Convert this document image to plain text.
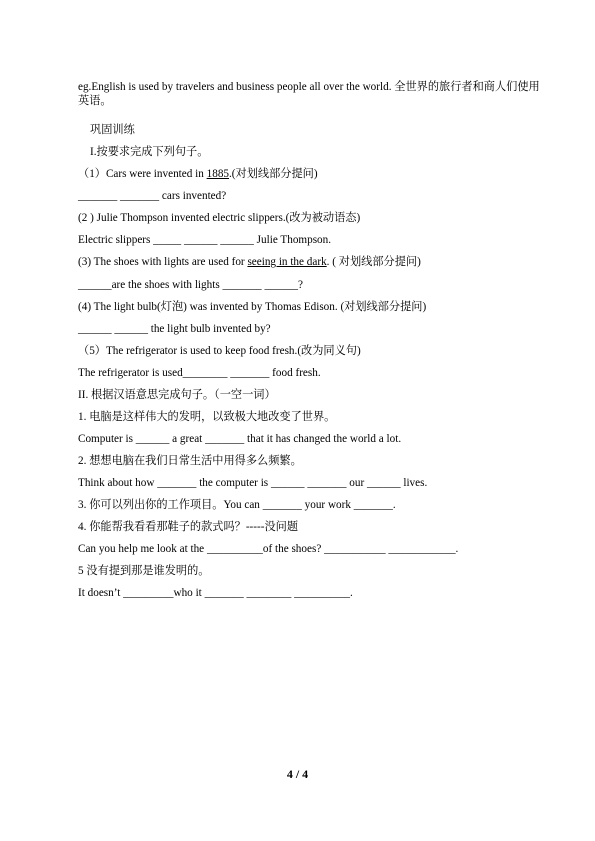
eg.English is used by travelers and business people all over the world. 全世界的旅行者和商人们使用英语。
巩固训练
I.按要求完成下列句子。
（1）Cars were invented in 1885.(对划线部分提问)
_______ _______ cars invented?
(2 ) Julie Thompson invented electric slippers.(改为被动语态)
Electric slippers _____ ______ ______ Julie Thompson.
(3) The shoes with lights are used for seeing in the dark. ( 对划线部分提问)
______are the shoes with lights _______ ______?
(4) The light bulb(灯泡) was invented by Thomas Edison. (对划线部分提问)
______ ______ the light bulb invented by?
（5）The refrigerator is used to keep food fresh.(改为同义句)
The refrigerator is used________ _______ food fresh.
II. 根据汉语意思完成句子。（一空一词）
1. 电脑是这样伟大的发明，以致极大地改变了世界。
Computer is ______ a great _______ that it has changed the world a lot.
2. 想想电脑在我们日常生活中用得多么频繁。
Think about how _______ the computer is ______ _______ our ______ lives.
3. 你可以列出你的工作项目。You can _______ your work _______.
4. 你能帮我看看那鞋子的款式吗？-----没问题
Can you help me look at the __________of the shoes? ___________ ____________.
5 没有提到那是谁发明的。
It doesn’t _________who it _______ ________ __________.
4 / 4
